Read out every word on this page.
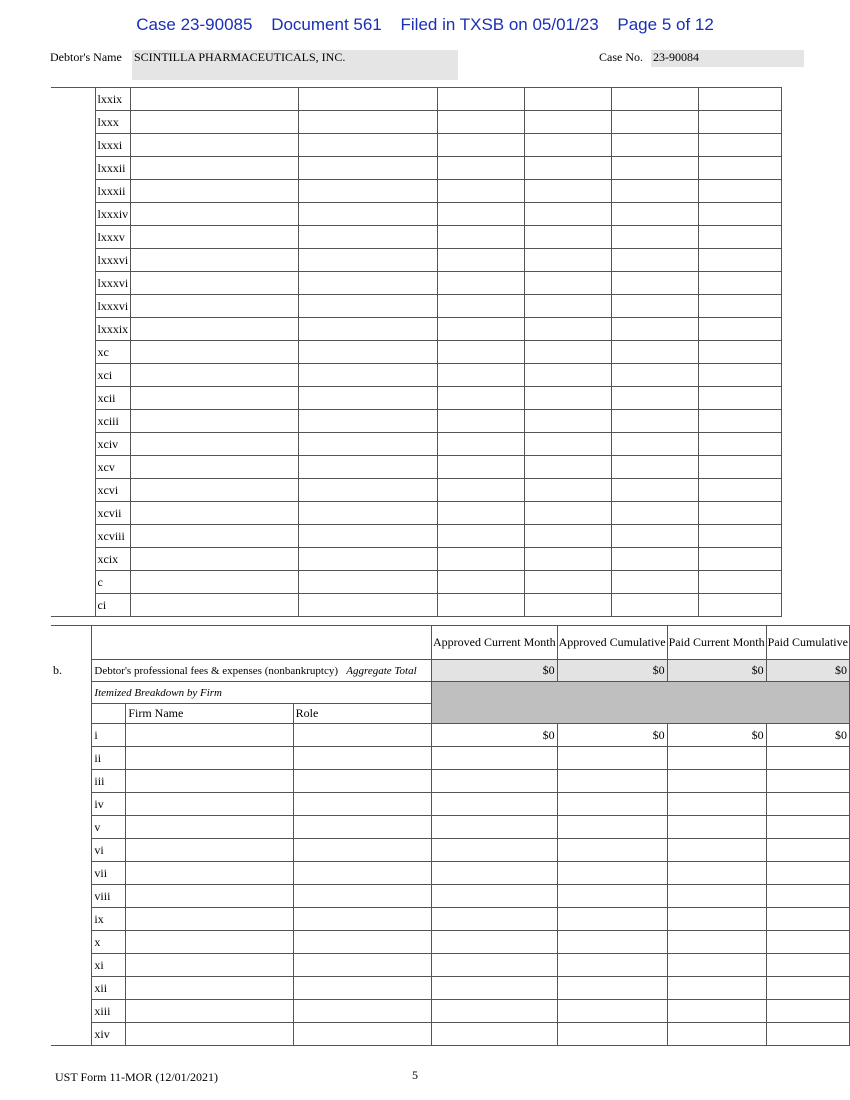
Case 23-90085 Document 561 Filed in TXSB on 05/01/23 Page 5 of 12
Debtor's Name SCINTILLA PHARMACEUTICALS, INC.	Case No. 23-90084
	lxxix						
	lxxx						
	lxxxi						
	lxxxii						
	lxxxii						
	lxxxiv						
	lxxxv						
	lxxxvi						
	lxxxvi						
	lxxxvi						
	lxxxix						
	xc						
	xci						
	xcii						
	xciii						
	xciv						
	xcv						
	xcvi						
	xcvii						
	xcviii						
	xcix						
	c						
	ci						
				Approved Current Month	Approved Cumulative	Paid Current Month	Paid Cumulative
b.	Debtor's professional fees & expenses (nonbankruptcy) Aggregate Total			$0	$0	$0	$0
	Itemized Breakdown by Firm						
		Firm Name	Role				
	i			$0	$0	$0	$0
	ii						
	iii						
	iv						
	v						
	vi						
	vii						
	viii						
	ix						
	x						
	xi						
	xii						
	xiii						
	xiv						
UST Form 11-MOR (12/01/2021)	5
